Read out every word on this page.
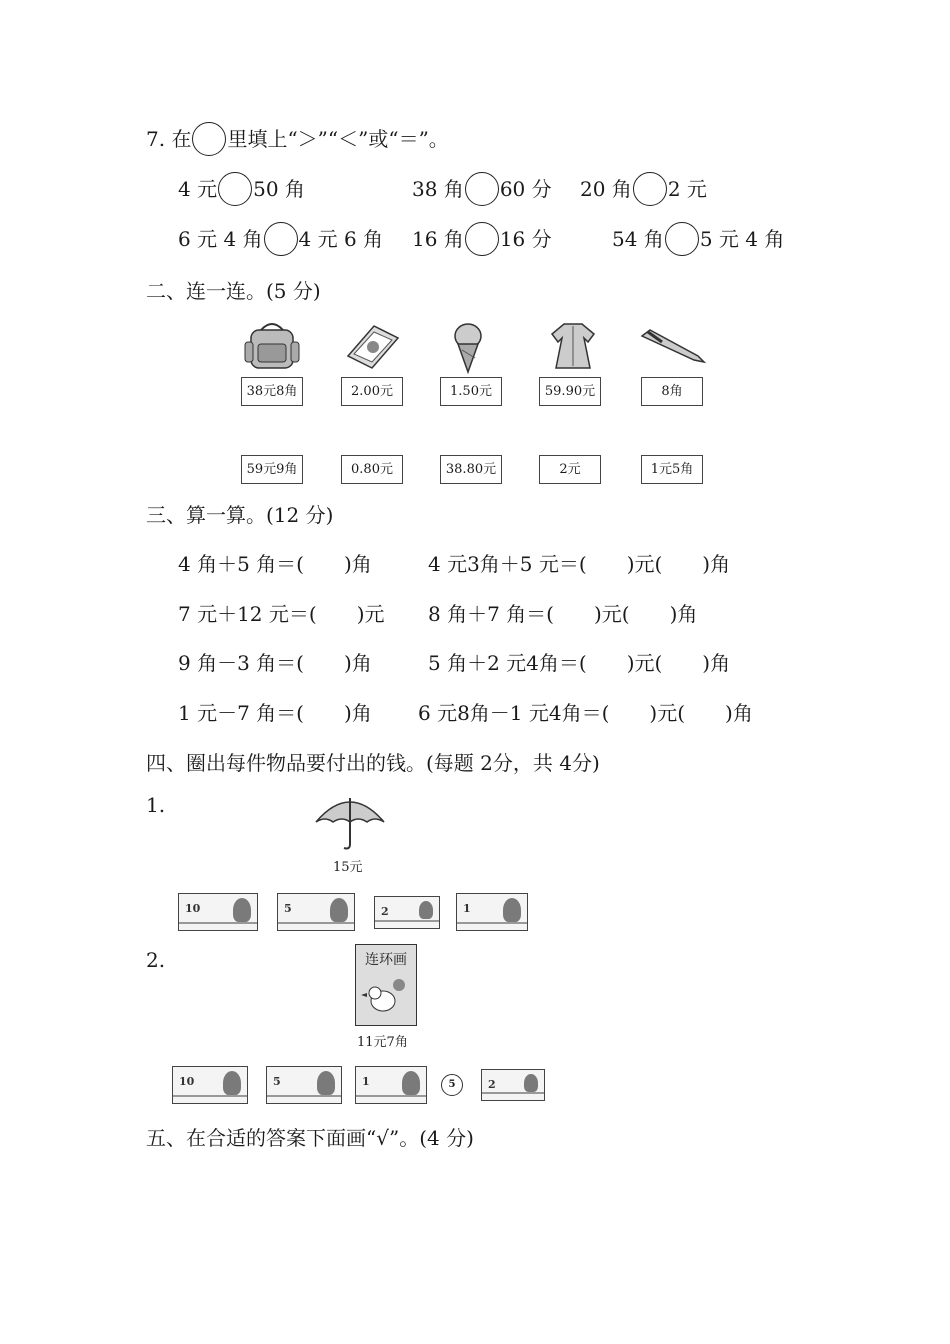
7. 在 里填上“＞”“＜”或“＝”。
4 元 50 角	38 角 60 分 20 角 2 元
6 元 4 角 4 元 6 角 16 角 16 分	54 角 5 元 4 角
二、连一连。(5 分)
38元8角	2.00元	1.50元	59.90元	8角
59元9角	0.80元	38.80元	2元	1元5角
三、算一算。(12 分)
4 角＋5 角＝(　　)角	4 元3角＋5 元＝(　　)元(　　)角
7 元＋12 元＝(　　)元 8 角＋7 角＝(　　)元(　　)角
9 角－3 角＝(　　)角	5 角＋2 元4角＝(　　)元(　　)角
1 元－7 角＝(　　)角 6 元8角－1 元4角＝(　　)元(　　)角
四、圈出每件物品要付出的钱。(每题 2分，共 4分)
1.
15元
10	5	2	1
2.	连环画
11元7角
10	5	1	5	2
五、在合适的答案下面画“√”。(4 分)
